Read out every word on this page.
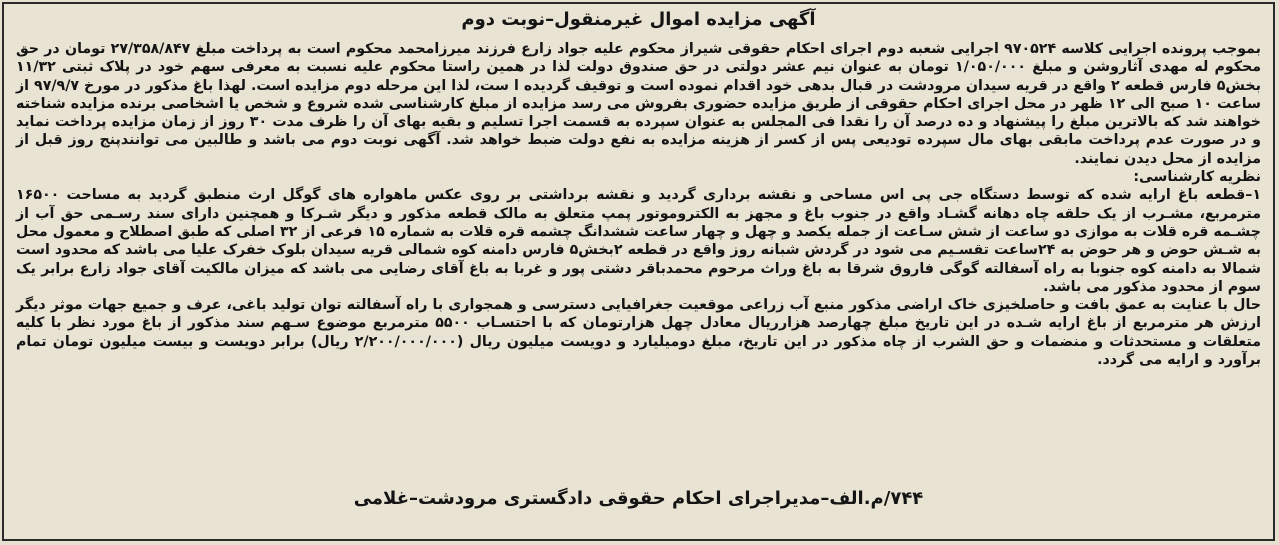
آگهی مزایده اموال غیرمنقول–نوبت دوم

بموجب پرونده اجرایی کلاسه ۹۷۰۵۲۴ اجرایی شعبه دوم اجرای احکام حقوقی شیراز محکوم علیه جواد زارع فرزند میرزامحمد محکوم است به پرداخت مبلغ ۲۷/۳۵۸/۸۴۷ تومان در حق محکوم له مهدی آثاروشن و مبلغ ۱/۰۵۰/۰۰۰ تومان به عنوان نیم عشر دولتی در حق صندوق دولت لذا در همین راستا محکوم علیه نسبت به معرفی سهم خود در پلاک ثبتی ۱۱/۳۲ بخش۵ فارس قطعه ۲ واقع در قریه سیدان مرودشت در قبال بدهی خود اقدام نموده است و توقیف گردیده ا ست، لذا این مرحله دوم مزایده است. لهذا باغ مذکور در مورخ ۹۷/۹/۷ از ساعت ۱۰ صبح الی ۱۲ ظهر در محل اجرای احکام حقوقی از طریق مزایده حضوری بفروش می رسد مزایده از مبلغ کارشناسی شده شروع و شخص یا اشخاصی برنده مزایده شناخته خواهند شد که بالاترین مبلغ را پیشنهاد و ده درصد آن را نقدا فی المجلس به عنوان سپرده به قسمت اجرا تسلیم و بقیه بهای آن را ظرف مدت ۳۰ روز از زمان مزایده پرداخت نماید و در صورت عدم پرداخت مابقی بهای مال سپرده تودیعی پس از کسر از هزینه مزایده به نفع دولت ضبط خواهد شد. آگهی نوبت دوم می باشد و طالبین می توانندپنج روز قبل از مزایده از محل دیدن نمایند.

نظریه کارشناسی:

۱–قطعه باغ ارایه شده که توسط دستگاه جی پی اس مساحی و نقشه برداری گردید و نقشه برداشتی بر روی عکس ماهواره های گوگل ارث منطبق گردید به مساحت ۱۶۵۰۰ مترمربع، مشـرب از یک حلقه چاه دهانه گشـاد واقع در جنوب باغ و مجهز به الکتروموتور پمپ متعلق به مالک قطعه مذکور و دیگر شـرکا و همچنین دارای سند رسـمی حق آب از چشـمه قره قلات به موازی دو ساعت از شش سـاعت از جمله یکصد و چهل و چهار ساعت ششدانگ چشمه قره قلات به شماره ۱۵ فرعی از ۳۲ اصلی که طبق اصطلاح و معمول محل به شـش حوض و هر حوض به ۲۴ساعت تقسـیم می شود در گردش شبانه روز واقع در قطعه ۲بخش۵ فارس دامنه کوه شمالی قریه سیدان بلوک خفرک علیا می باشد که محدود است شمالا به دامنه کوه جنوبا به راه آسفالته گوگی فاروق شرقا به باغ وراث مرحوم محمدباقر دشتی پور و غربا به باغ آقای رضایی می باشد که میزان مالکیت آقای جواد زارع برابر یک سوم از محدود مذکور می باشد.

حال با عنایت به عمق بافت و حاصلخیزی خاک اراضی مذکور منبع آب زراعی موقعیت جغرافیایی دسترسی و همجواری با راه آسفالته توان تولید باغی، عرف و جمیع جهات موثر دیگر ارزش هر مترمربع از باغ ارایه شـده در این تاریخ مبلغ چهارصد هزارریال معادل چهل هزارتومان که با احتسـاب ۵۵۰۰ مترمربع موضوع سـهم سند مذکور از باغ مورد نظر با کلیه متعلقات و مستحدثات و منضمات و حق الشرب از چاه مذکور در این تاریخ، مبلغ دومیلیارد و دویست میلیون ریال (۲/۲۰۰/۰۰۰/۰۰۰ ریال) برابر دویست و بیست میلیون تومان تمام برآورد و ارایه می گردد.

۷۴۴/م.الف–مدیراجرای احکام حقوقی دادگستری مرودشت–غلامی
